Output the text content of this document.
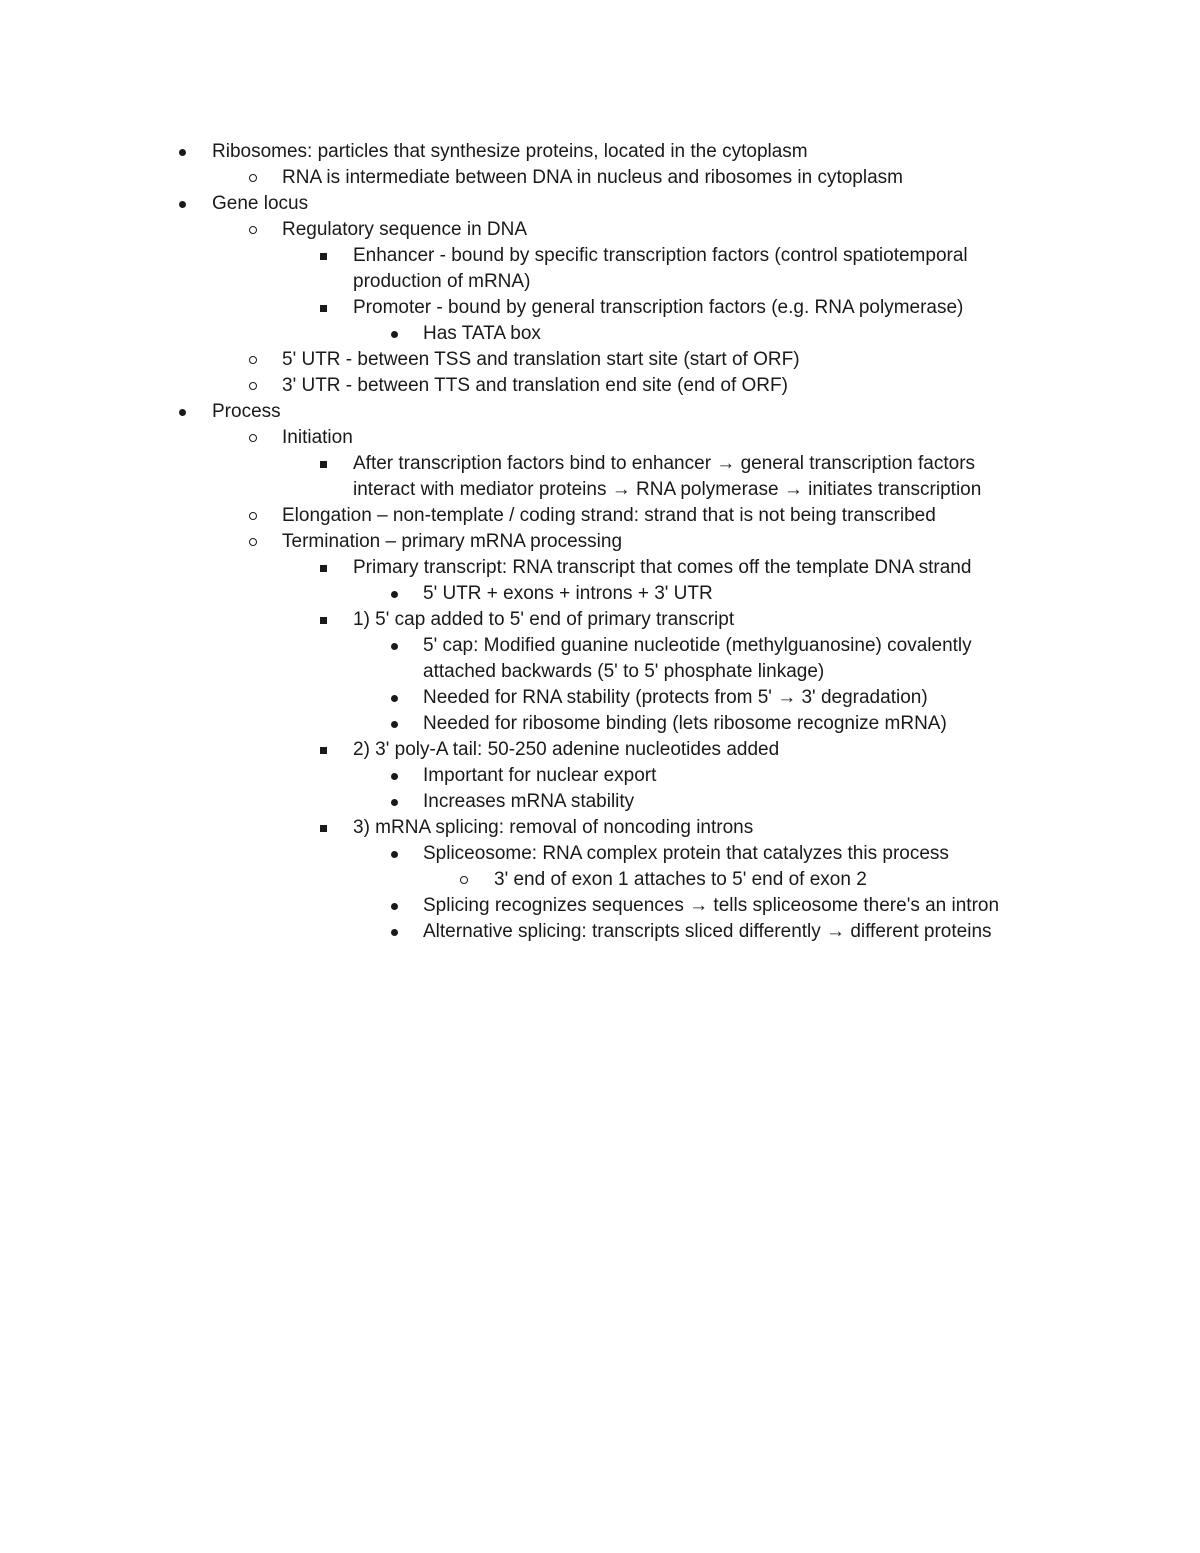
Ribosomes: particles that synthesize proteins, located in the cytoplasm
RNA is intermediate between DNA in nucleus and ribosomes in cytoplasm
Gene locus
Regulatory sequence in DNA
Enhancer - bound by specific transcription factors (control spatiotemporal
production of mRNA)
Promoter - bound by general transcription factors (e.g. RNA polymerase)
Has TATA box
5' UTR - between TSS and translation start site (start of ORF)
3' UTR - between TTS and translation end site (end of ORF)
Process
Initiation
After transcription factors bind to enhancer → general transcription factors
interact with mediator proteins → RNA polymerase → initiates transcription
Elongation – non-template / coding strand: strand that is not being transcribed
Termination – primary mRNA processing
Primary transcript: RNA transcript that comes off the template DNA strand
5' UTR + exons + introns + 3' UTR
1) 5' cap added to 5' end of primary transcript
5' cap: Modified guanine nucleotide (methylguanosine) covalently
attached backwards (5' to 5' phosphate linkage)
Needed for RNA stability (protects from 5' → 3' degradation)
Needed for ribosome binding (lets ribosome recognize mRNA)
2) 3' poly-A tail: 50-250 adenine nucleotides added
Important for nuclear export
Increases mRNA stability
3) mRNA splicing: removal of noncoding introns
Spliceosome: RNA complex protein that catalyzes this process
3' end of exon 1 attaches to 5' end of exon 2
Splicing recognizes sequences → tells spliceosome there's an intron
Alternative splicing: transcripts sliced differently → different proteins
